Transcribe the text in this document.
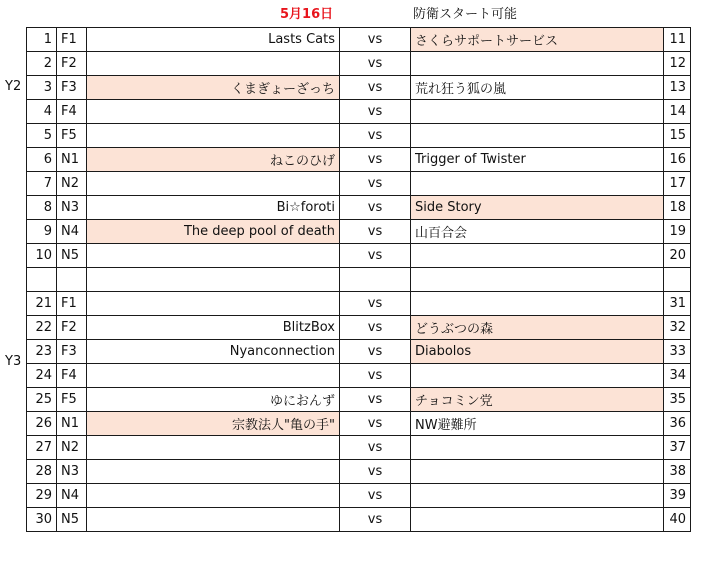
5月16日	防衛スタート可能
Y2
Y3
1	F1	Lasts Cats	vs	さくらサポートサービス	11
2	F2		vs		12
3	F3	くまぎょーざっち	vs	荒れ狂う狐の嵐	13
4	F4		vs		14
5	F5		vs		15
6	N1	ねこのひげ	vs	Trigger of Twister	16
7	N2		vs		17
8	N3	Bi☆foroti	vs	Side Story	18
9	N4	The deep pool of death	vs	山百合会	19
10	N5		vs		20

21	F1		vs		31
22	F2	BlitzBox	vs	どうぶつの森	32
23	F3	Nyanconnection	vs	Diabolos	33
24	F4		vs		34
25	F5	ゆにおんず	vs	チョコミン党	35
26	N1	宗教法人"亀の手"	vs	NW避難所	36
27	N2		vs		37
28	N3		vs		38
29	N4		vs		39
30	N5		vs		40
